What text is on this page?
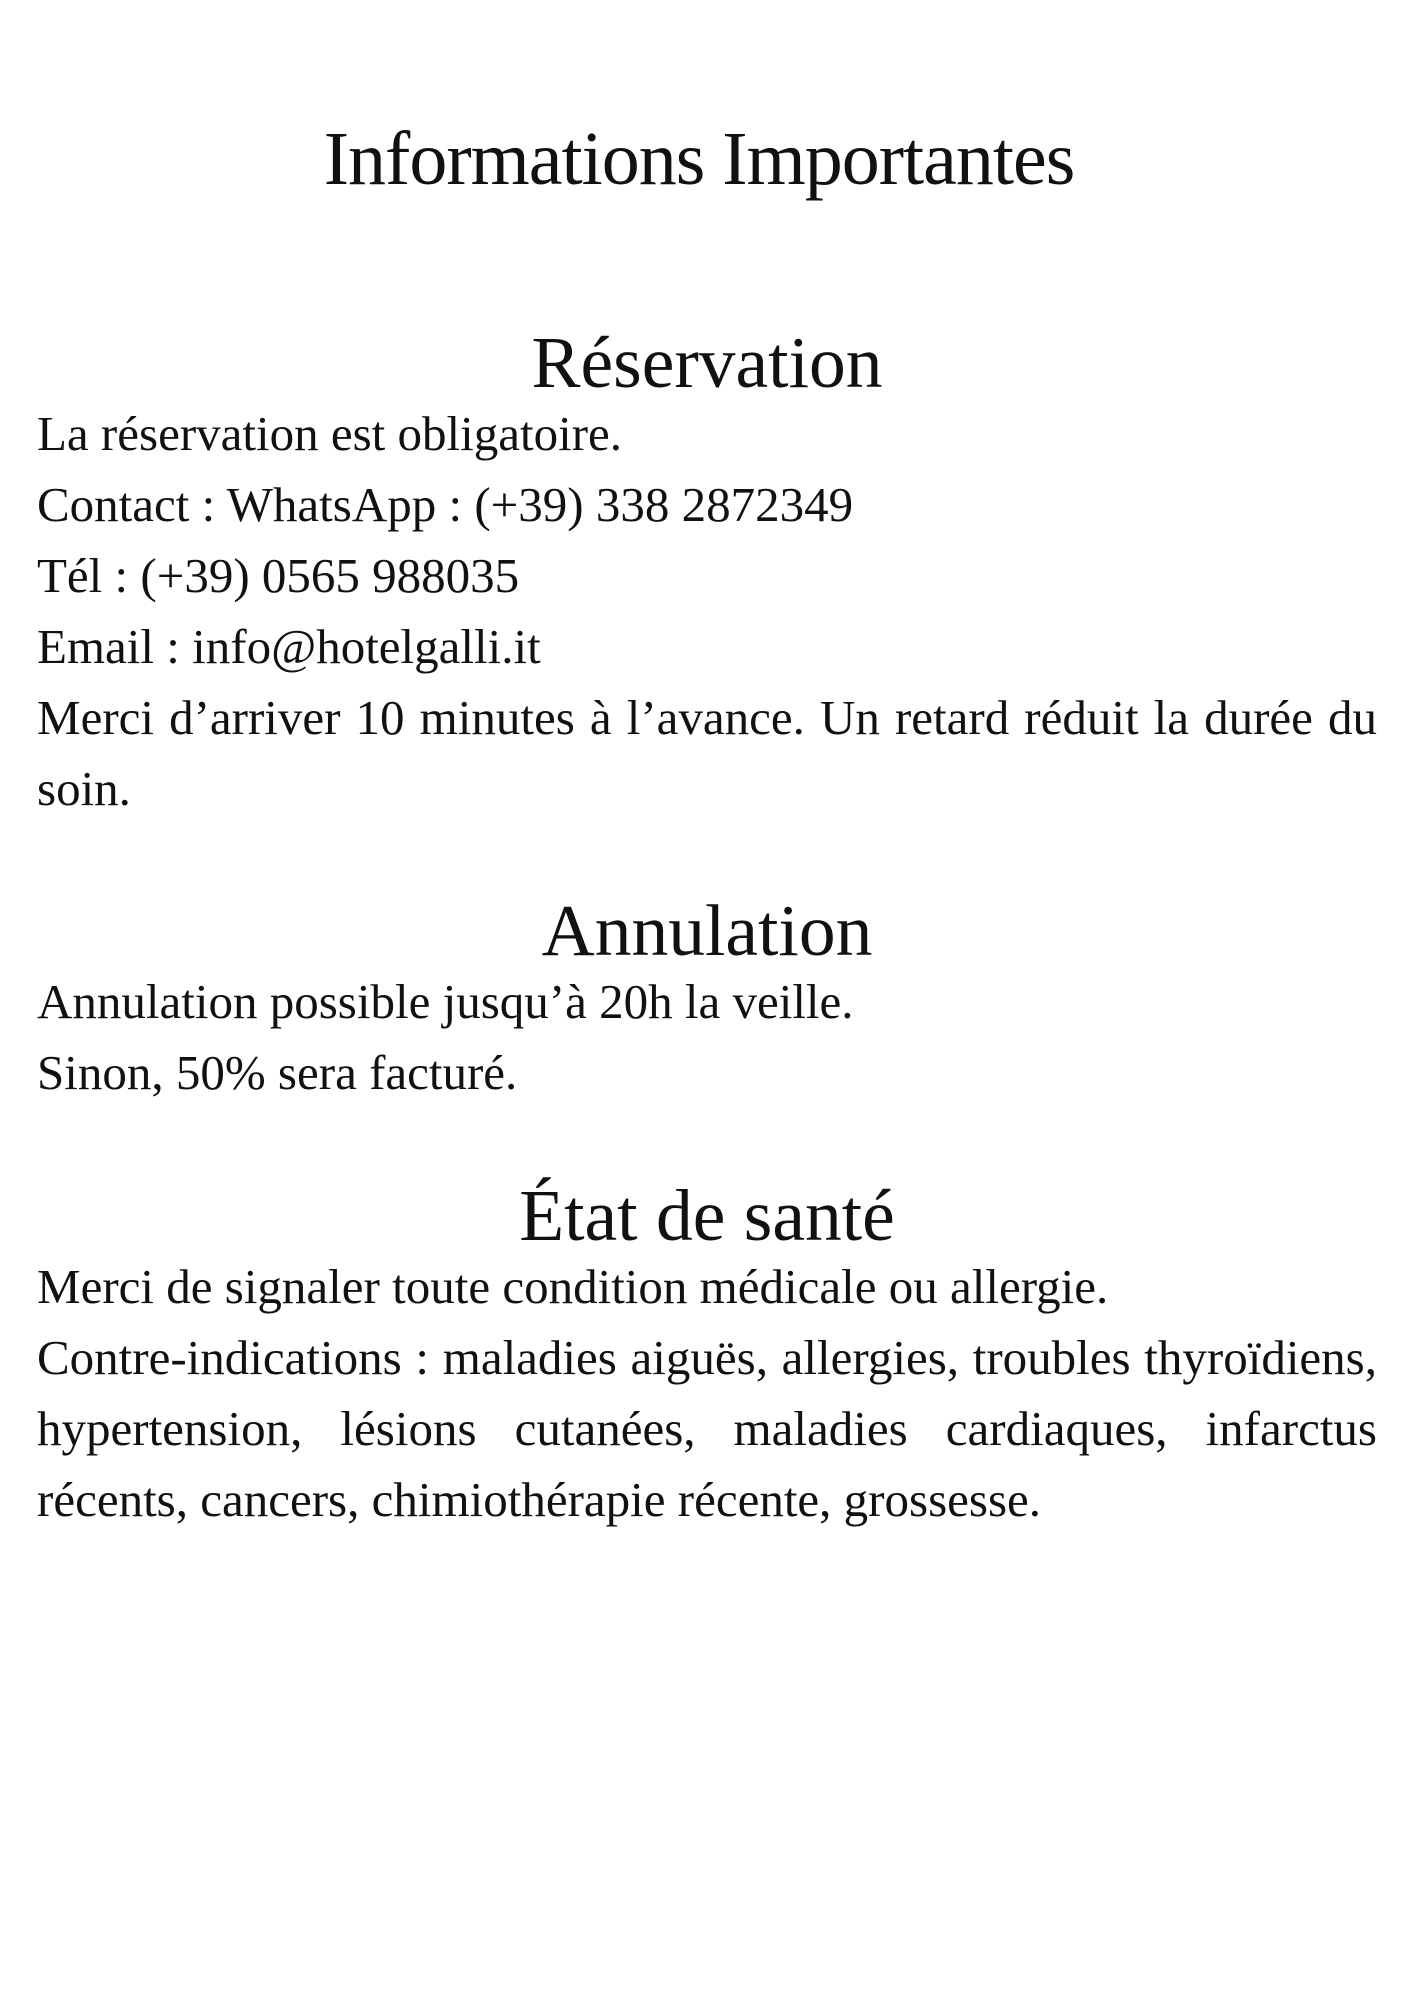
Informations Importantes
Réservation

La réservation est obligatoire.

Contact : WhatsApp : (+39) 338 2872349

Tél : (+39) 0565 988035

Email : info@hotelgalli.it

Merci d’arriver 10 minutes à l’avance. Un retard réduit la durée du soin.

Annulation

Annulation possible jusqu’à 20h la veille.

Sinon, 50% sera facturé.

État de santé

Merci de signaler toute condition médicale ou allergie.

Contre-indications : maladies aiguës, allergies, troubles thyroïdiens, hypertension, lésions cutanées, maladies cardiaques, infarctus récents, cancers, chimiothérapie récente, grossesse.
